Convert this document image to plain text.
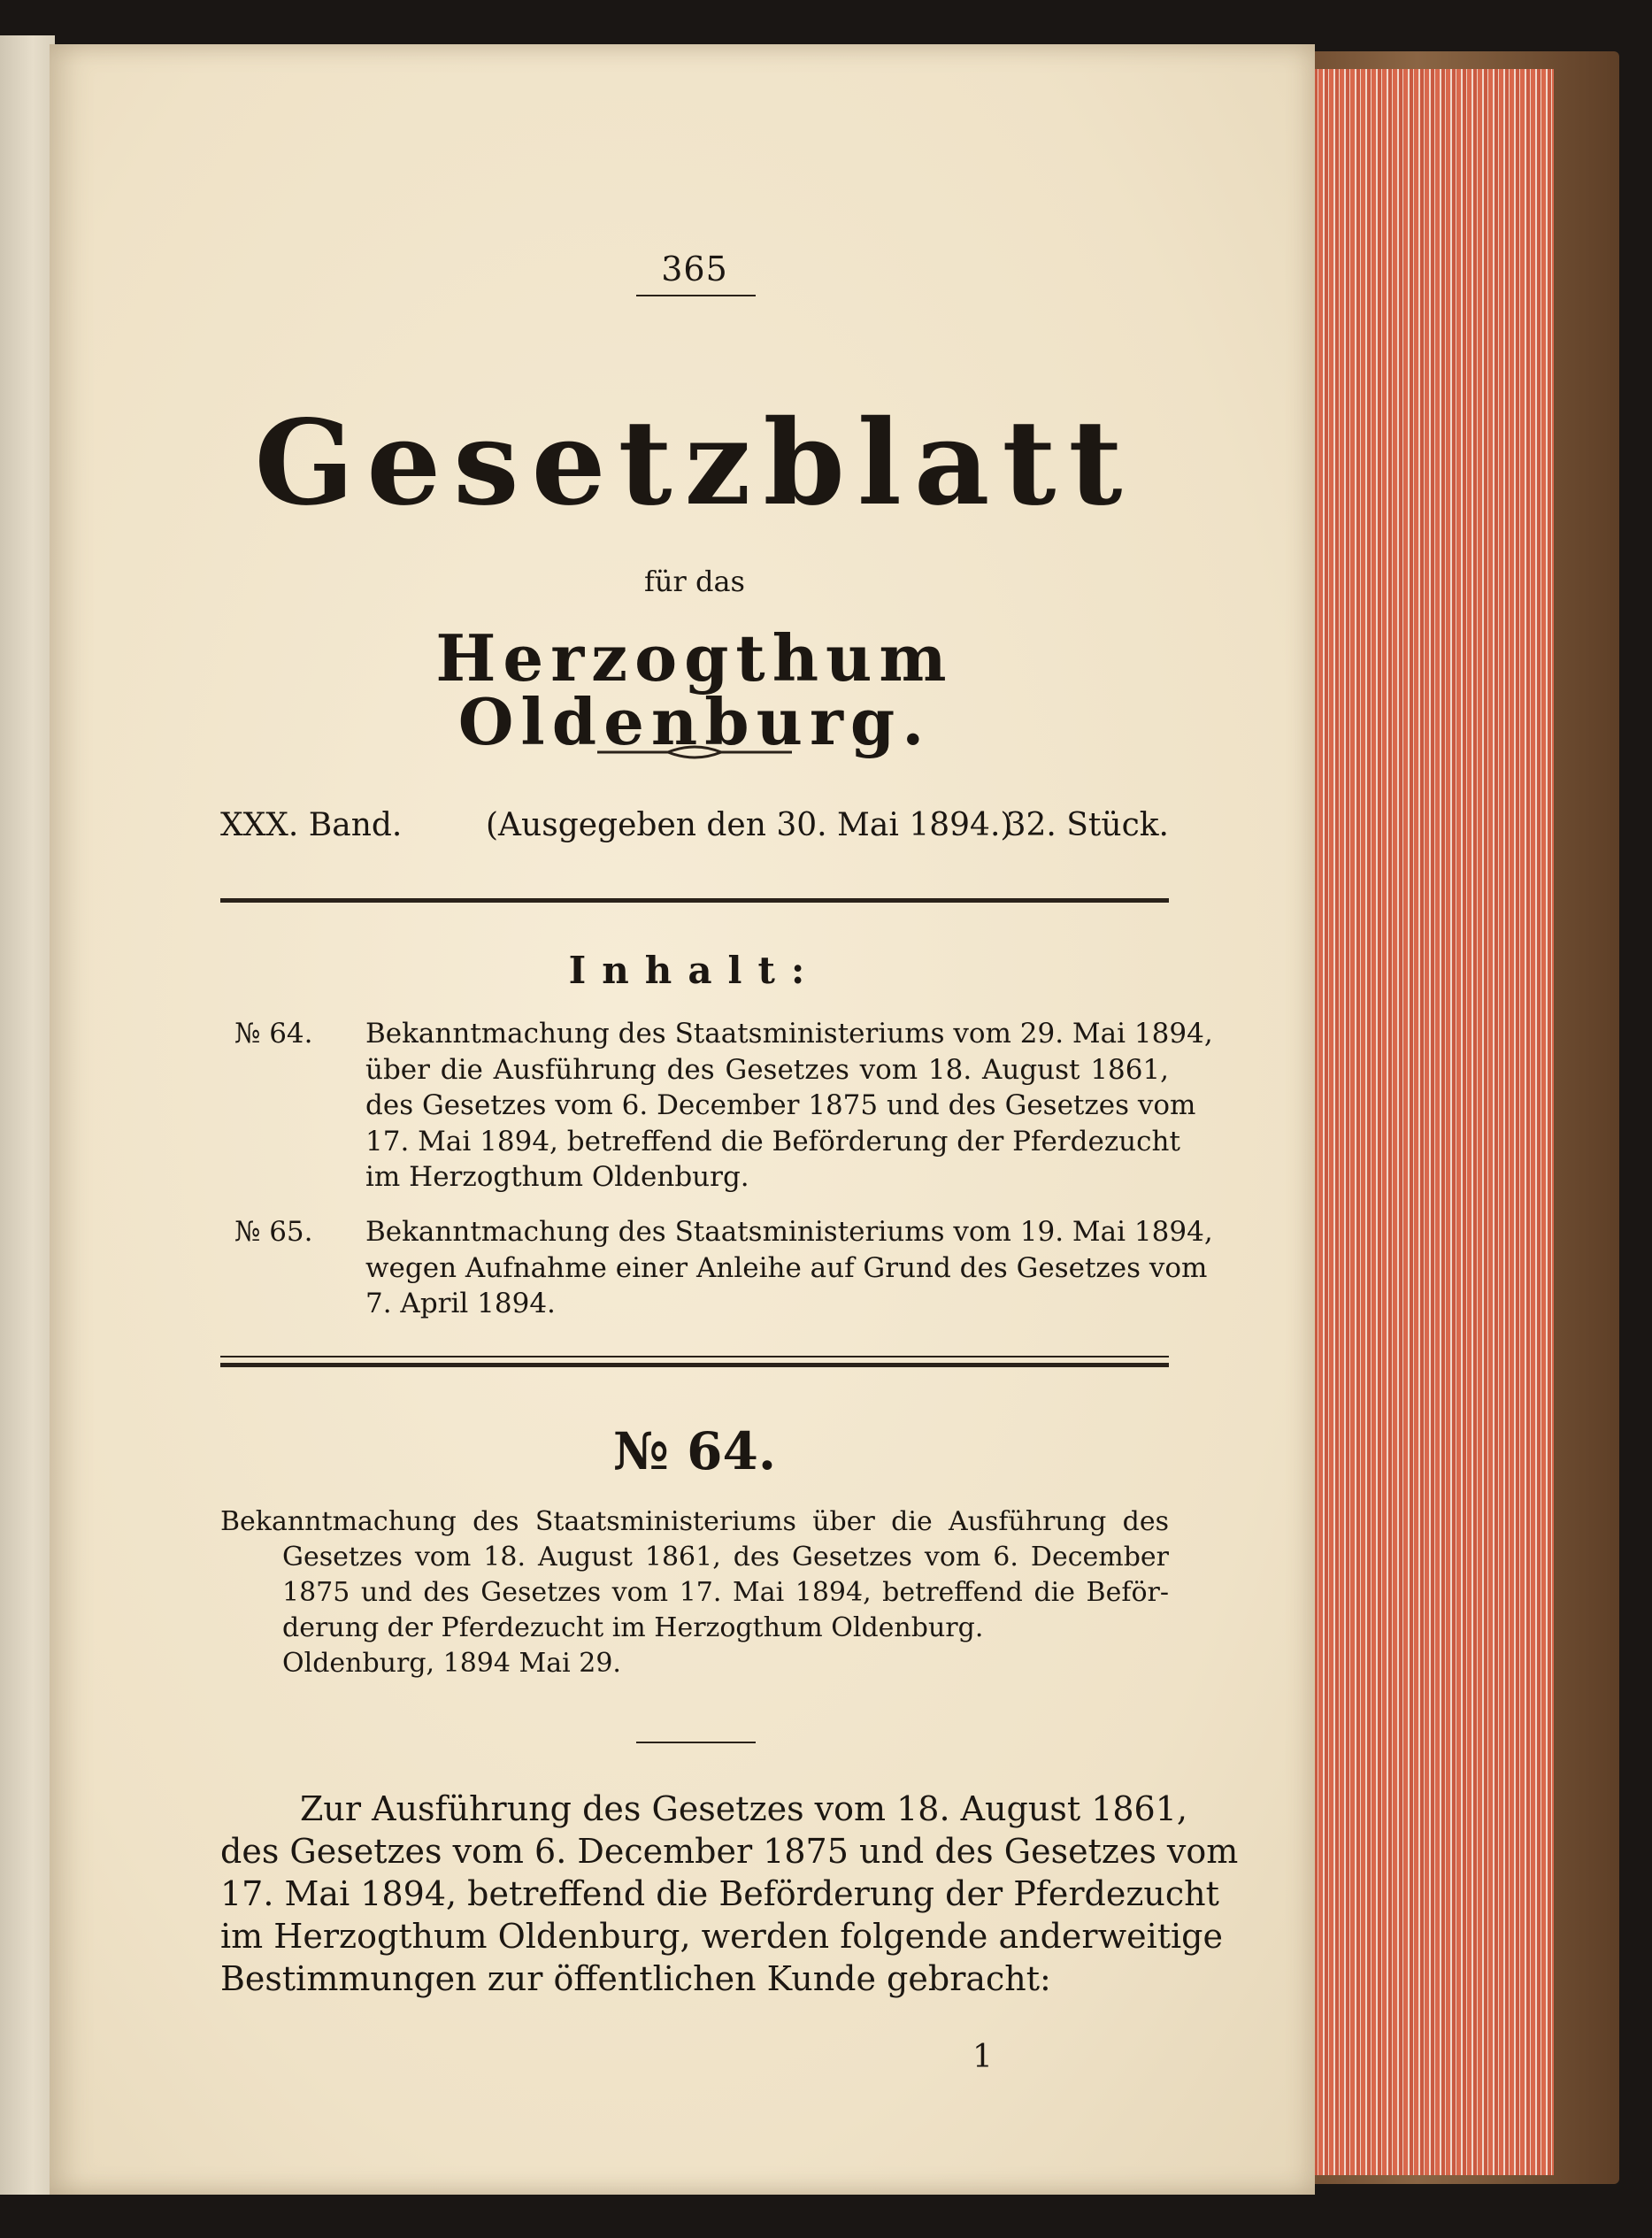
365
Gesetzblatt
für das
Herzogthum Oldenburg.
XXX. Band.	(Ausgegeben den 30. Mai 1894.)
32. Stück.
Inhalt:
№ 64. Bekanntmachung des Staatsministeriums vom 29. Mai 1894,
über die Ausführung des Gesetzes vom 18. August 1861,
des Gesetzes vom 6. December 1875 und des Gesetzes vom
17. Mai 1894, betreffend die Beförderung der Pferdezucht
im Herzogthum Oldenburg.
№ 65. Bekanntmachung des Staatsministeriums vom 19. Mai 1894,
wegen Aufnahme einer Anleihe auf Grund des Gesetzes vom
7. April 1894.
№ 64.
Bekanntmachung des Staatsministeriums über die Ausführung des
Gesetzes vom 18. August 1861, des Gesetzes vom 6. December
1875 und des Gesetzes vom 17. Mai 1894, betreffend die Beför-
derung der Pferdezucht im Herzogthum Oldenburg.
Oldenburg, 1894 Mai 29.
Zur Ausführung des Gesetzes vom 18. August 1861,
des Gesetzes vom 6. December 1875 und des Gesetzes vom
17. Mai 1894, betreffend die Beförderung der Pferdezucht
im Herzogthum Oldenburg, werden folgende anderweitige
Bestimmungen zur öffentlichen Kunde gebracht:
1
